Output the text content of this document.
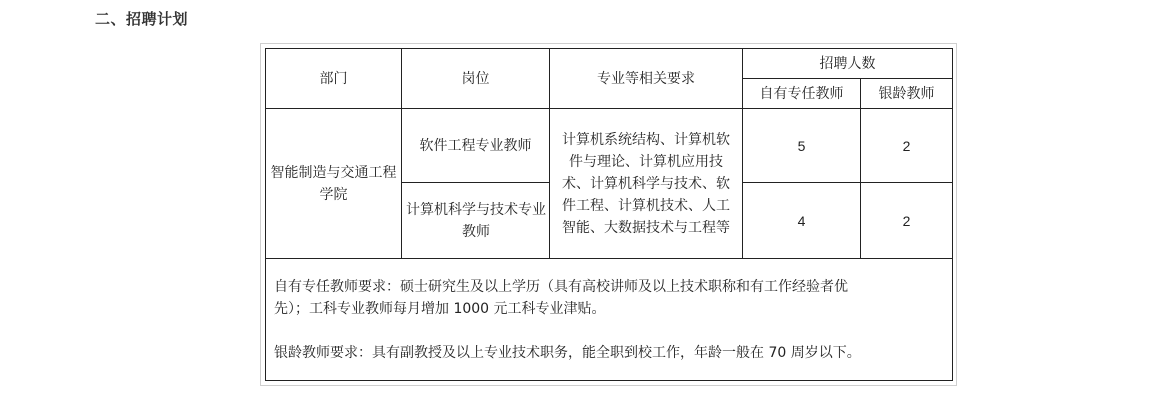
二、招聘计划
部门	岗位	专业等相关要求	招聘人数	
			自有专任教师	银龄教师
智能制造与交通工程学院	软件工程专业教师	计算机系统结构、计算机软件与理论、计算机应用技术、计算机科学与技术、软件工程、计算机技术、人工智能、大数据技术与工程等	5	2
	计算机科学与技术专业教师		4	2

自有专任教师要求：硕士研究生及以上学历（具有高校讲师及以上技术职称和有工作经验者优
先）；工科专业教师每月增加 1000 元工科专业津贴。
银龄教师要求：具有副教授及以上专业技术职务，能全职到校工作，年龄一般在 70 周岁以下。				
